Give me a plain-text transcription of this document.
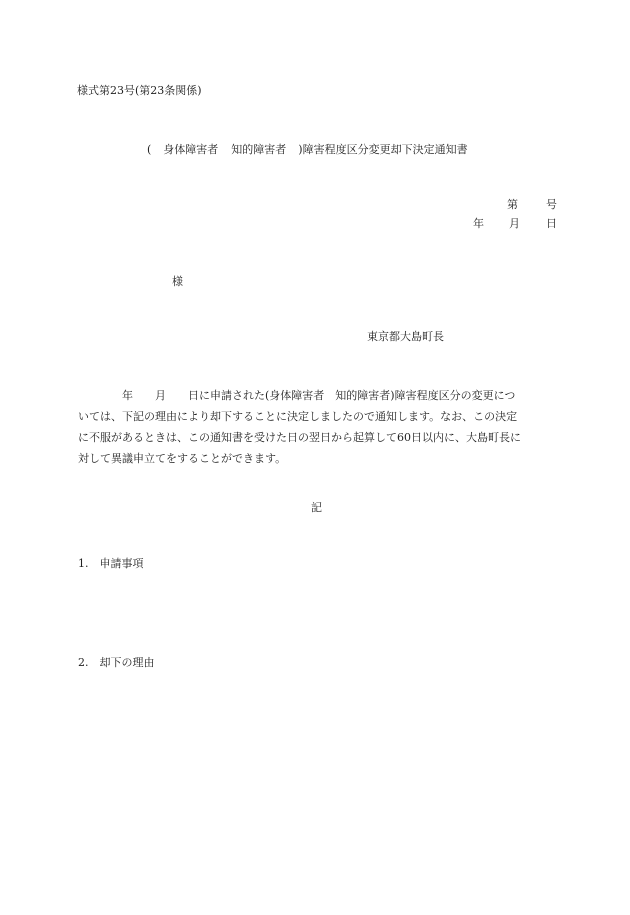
様式第23号(第23条関係)
( 身体障害者 知的障害者 )障害程度区分変更却下決定通知書
第	号
年 月 日
様
東京都大島町長
　　　　年　　月　　日に申請された(身体障害者　知的障害者)障害程度区分の変更につ
いては、下記の理由により却下することに決定しましたので通知します。なお、この決定
に不服があるときは、この通知書を受けた日の翌日から起算して60日以内に、大島町長に
対して異議申立てをすることができます。
記
1.　申請事項
2.　却下の理由
